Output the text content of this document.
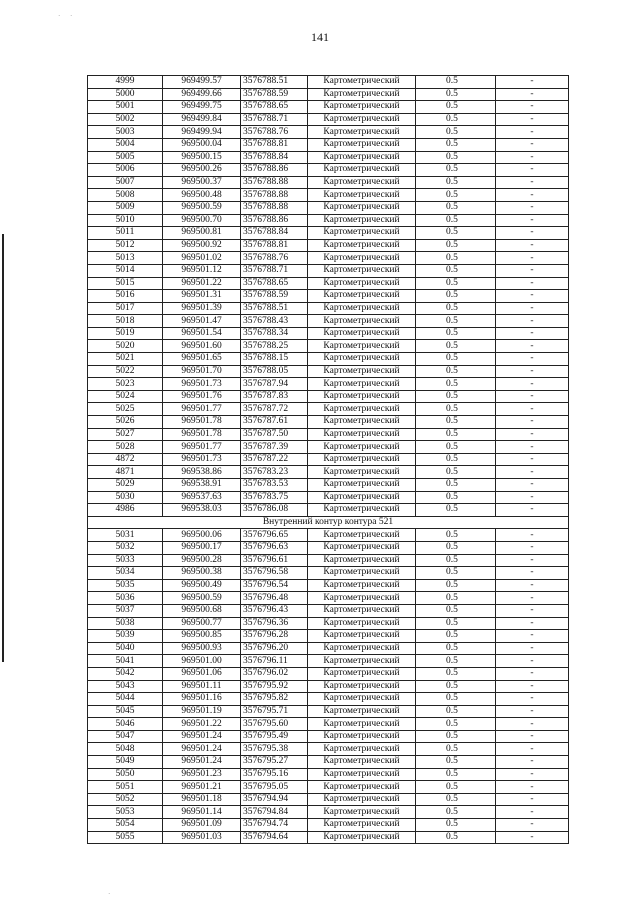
141
4999	969499.57	3576788.51	Картометрический	0.5	-
5000	969499.66	3576788.59	Картометрический	0.5	-
5001	969499.75	3576788.65	Картометрический	0.5	-
5002	969499.84	3576788.71	Картометрический	0.5	-
5003	969499.94	3576788.76	Картометрический	0.5	-
5004	969500.04	3576788.81	Картометрический	0.5	-
5005	969500.15	3576788.84	Картометрический	0.5	-
5006	969500.26	3576788.86	Картометрический	0.5	-
5007	969500.37	3576788.88	Картометрический	0.5	-
5008	969500.48	3576788.88	Картометрический	0.5	-
5009	969500.59	3576788.88	Картометрический	0.5	-
5010	969500.70	3576788.86	Картометрический	0.5	-
5011	969500.81	3576788.84	Картометрический	0.5	-
5012	969500.92	3576788.81	Картометрический	0.5	-
5013	969501.02	3576788.76	Картометрический	0.5	-
5014	969501.12	3576788.71	Картометрический	0.5	-
5015	969501.22	3576788.65	Картометрический	0.5	-
5016	969501.31	3576788.59	Картометрический	0.5	-
5017	969501.39	3576788.51	Картометрический	0.5	-
5018	969501.47	3576788.43	Картометрический	0.5	-
5019	969501.54	3576788.34	Картометрический	0.5	-
5020	969501.60	3576788.25	Картометрический	0.5	-
5021	969501.65	3576788.15	Картометрический	0.5	-
5022	969501.70	3576788.05	Картометрический	0.5	-
5023	969501.73	3576787.94	Картометрический	0.5	-
5024	969501.76	3576787.83	Картометрический	0.5	-
5025	969501.77	3576787.72	Картометрический	0.5	-
5026	969501.78	3576787.61	Картометрический	0.5	-
5027	969501.78	3576787.50	Картометрический	0.5	-
5028	969501.77	3576787.39	Картометрический	0.5	-
4872	969501.73	3576787.22	Картометрический	0.5	-
4871	969538.86	3576783.23	Картометрический	0.5	-
5029	969538.91	3576783.53	Картометрический	0.5	-
5030	969537.63	3576783.75	Картометрический	0.5	-
4986	969538.03	3576786.08	Картометрический	0.5	-
Внутренний контур контура 521					
5031	969500.06	3576796.65	Картометрический	0.5	-
5032	969500.17	3576796.63	Картометрический	0.5	-
5033	969500.28	3576796.61	Картометрический	0.5	-
5034	969500.38	3576796.58	Картометрический	0.5	-
5035	969500.49	3576796.54	Картометрический	0.5	-
5036	969500.59	3576796.48	Картометрический	0.5	-
5037	969500.68	3576796.43	Картометрический	0.5	-
5038	969500.77	3576796.36	Картометрический	0.5	-
5039	969500.85	3576796.28	Картометрический	0.5	-
5040	969500.93	3576796.20	Картометрический	0.5	-
5041	969501.00	3576796.11	Картометрический	0.5	-
5042	969501.06	3576796.02	Картометрический	0.5	-
5043	969501.11	3576795.92	Картометрический	0.5	-
5044	969501.16	3576795.82	Картометрический	0.5	-
5045	969501.19	3576795.71	Картометрический	0.5	-
5046	969501.22	3576795.60	Картометрический	0.5	-
5047	969501.24	3576795.49	Картометрический	0.5	-
5048	969501.24	3576795.38	Картометрический	0.5	-
5049	969501.24	3576795.27	Картометрический	0.5	-
5050	969501.23	3576795.16	Картометрический	0.5	-
5051	969501.21	3576795.05	Картометрический	0.5	-
5052	969501.18	3576794.94	Картометрический	0.5	-
5053	969501.14	3576794.84	Картометрический	0.5	-
5054	969501.09	3576794.74	Картометрический	0.5	-
5055	969501.03	3576794.64	Картометрический	0.5	-
· ·
·
